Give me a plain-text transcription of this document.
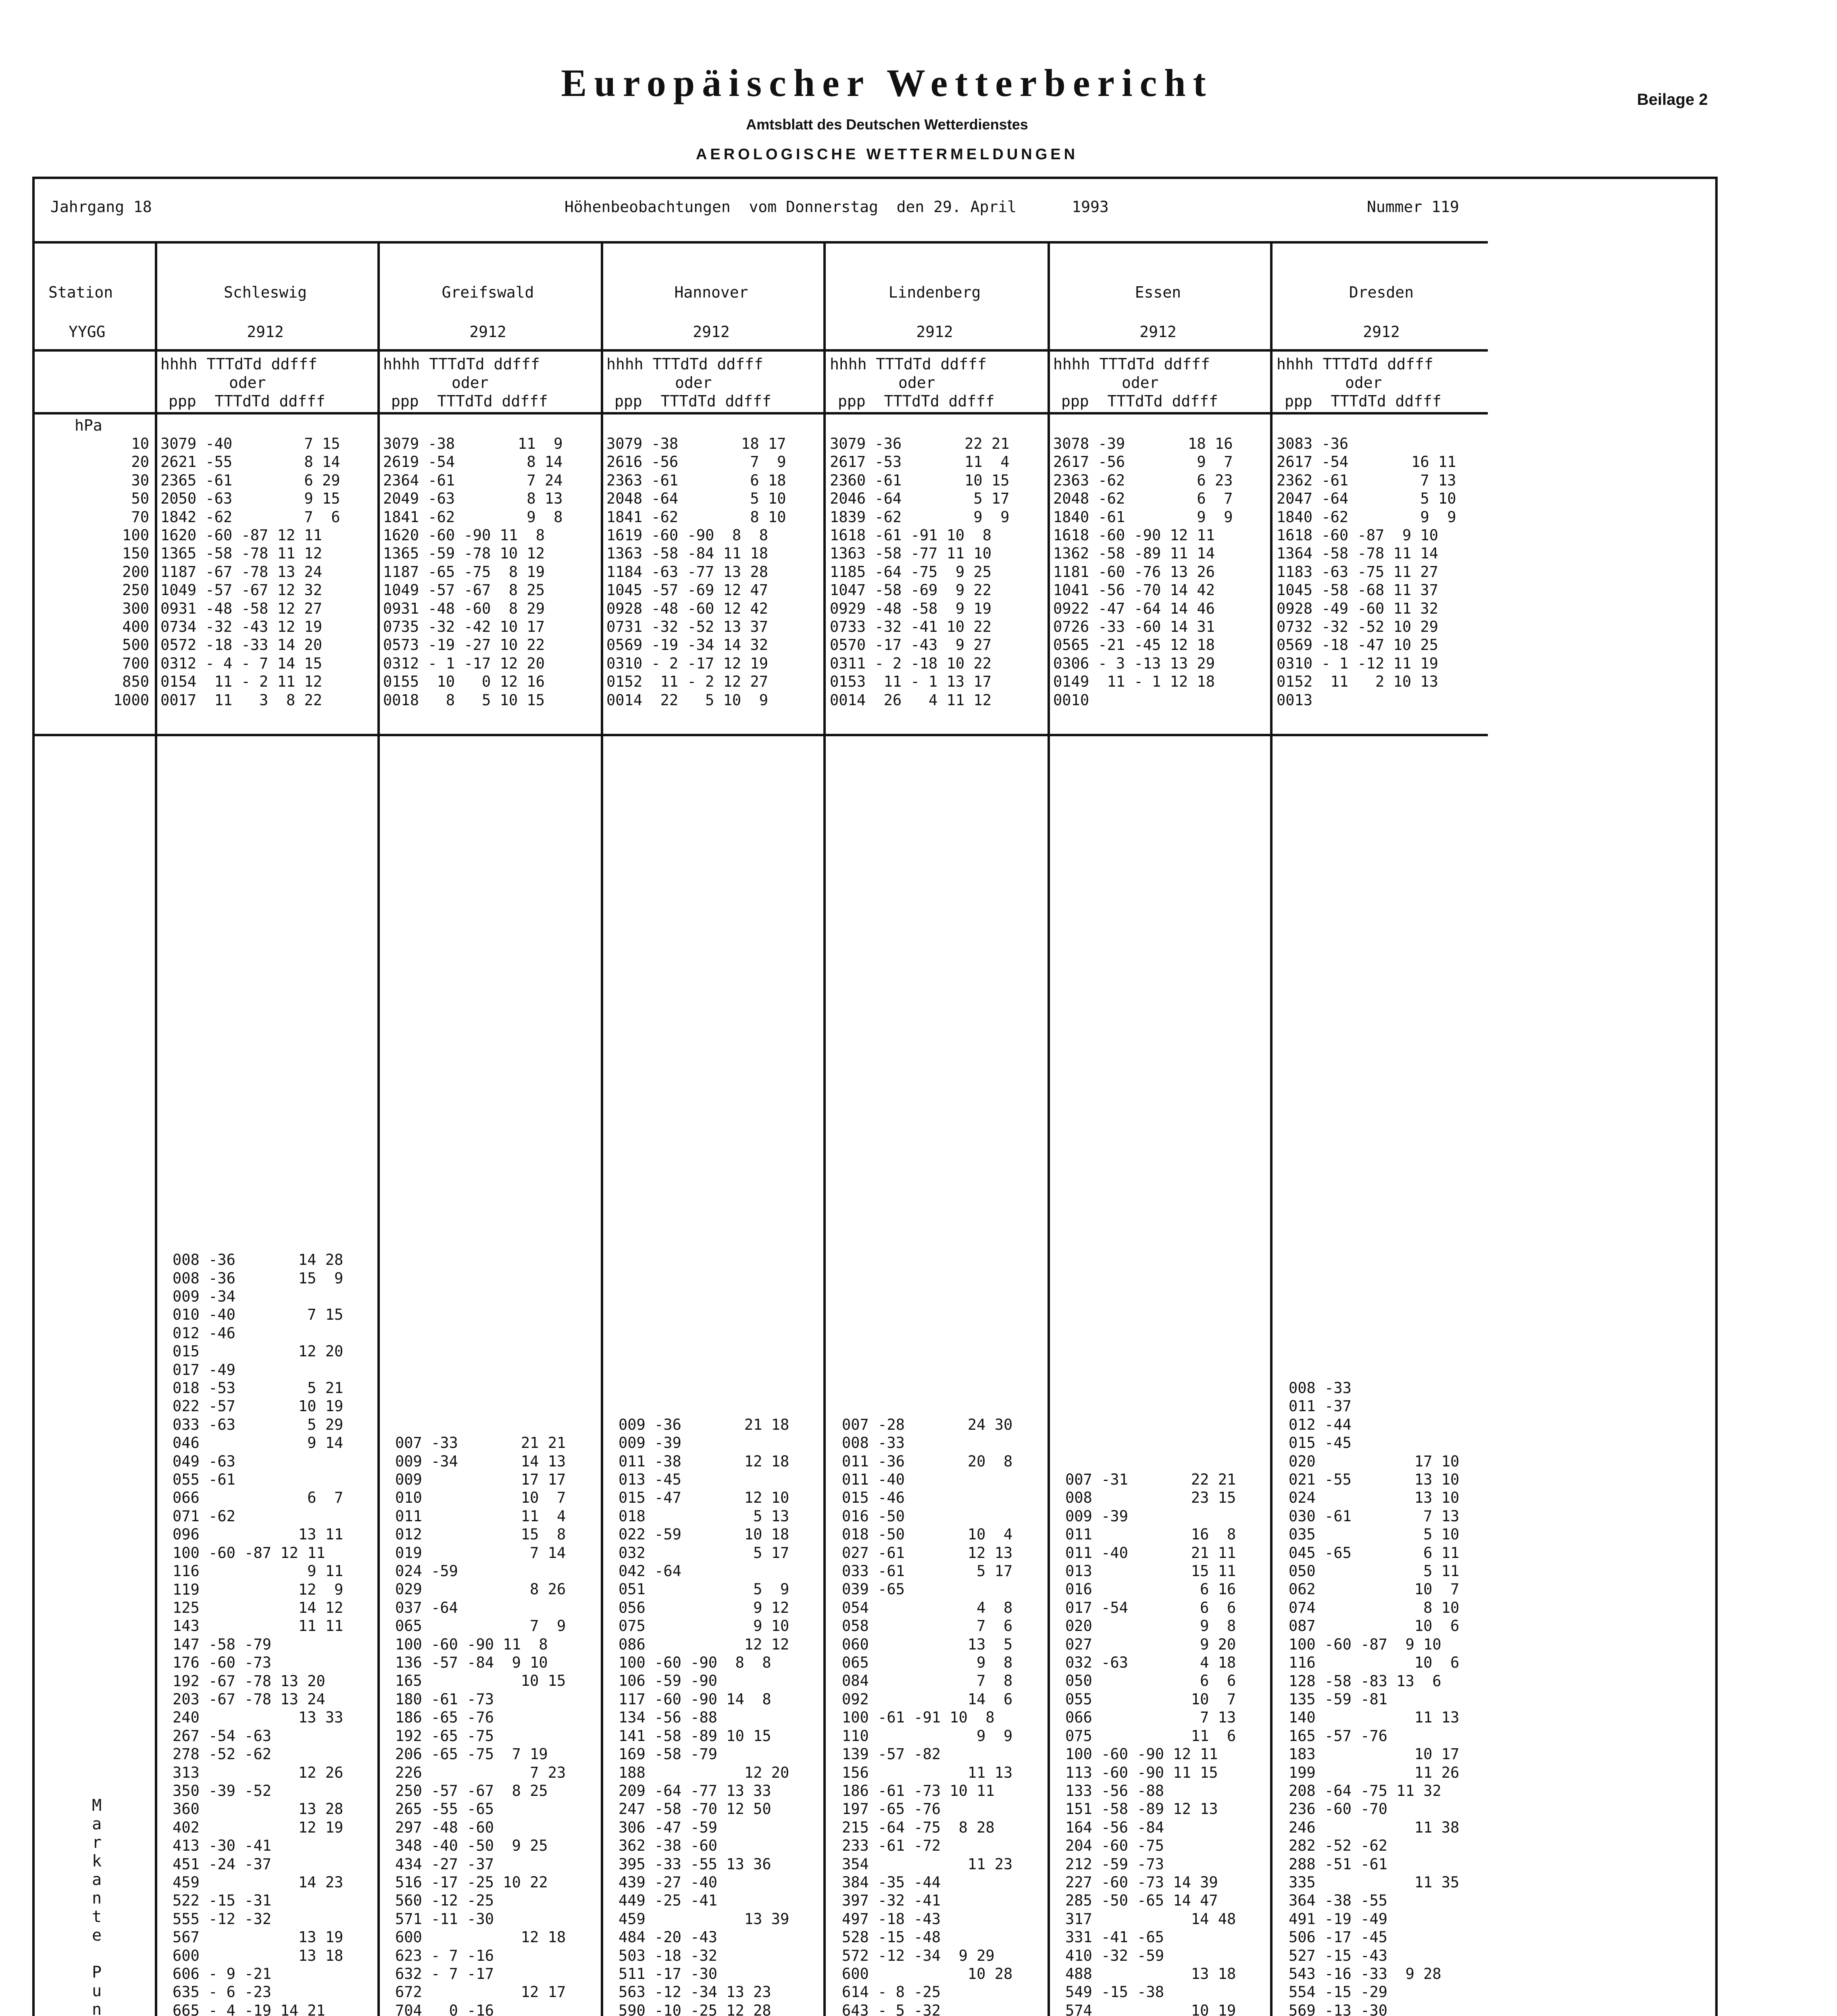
Europäischer Wetterbericht
Amtsblatt des Deutschen Wetterdienstes
AEROLOGISCHE WETTERMELDUNGEN
Beilage 2
Jahrgang 18	Höhenbeobachtungen  vom Donnerstag  den 29. April      1993	Nummer 119
Station
YYGG
hPa
Schleswig
2912
hhhh TTTdTd ddfff
oder
ppp  TTTdTd ddfff
Greifswald
2912
hhhh TTTdTd ddfff
oder
ppp  TTTdTd ddfff
Hannover
2912
hhhh TTTdTd ddfff
oder
ppp  TTTdTd ddfff
Lindenberg
2912
hhhh TTTdTd ddfff
oder
ppp  TTTdTd ddfff
Essen
2912
hhhh TTTdTd ddfff
oder
ppp  TTTdTd ddfff
Dresden
2912
hhhh TTTdTd ddfff
oder
ppp  TTTdTd ddfff
10
20
30
50
70
100
150
200
250
300
400
500
700
850
1000
3079 -40        7 15
2621 -55        8 14
2365 -61        6 29
2050 -63        9 15
1842 -62        7  6
1620 -60 -87 12 11
1365 -58 -78 11 12
1187 -67 -78 13 24
1049 -57 -67 12 32
0931 -48 -58 12 27
0734 -32 -43 12 19
0572 -18 -33 14 20
0312 - 4 - 7 14 15
0154  11 - 2 11 12
0017  11   3  8 22
008 -36       14 28
008 -36       15  9
009 -34
010 -40        7 15
012 -46
015           12 20
017 -49
018 -53        5 21
022 -57       10 19
033 -63        5 29
046            9 14
049 -63
055 -61
066            6  7
071 -62
096           13 11
100 -60 -87 12 11
116            9 11
119           12  9
125           14 12
143           11 11
147 -58 -79
176 -60 -73
192 -67 -78 13 20
203 -67 -78 13 24
240           13 33
267 -54 -63
278 -52 -62
313           12 26
350 -39 -52
360           13 28
402           12 19
413 -30 -41
451 -24 -37
459           14 23
522 -15 -31
555 -12 -32
567           13 19
600           13 18
606 - 9 -21
635 - 6 -23
665 - 4 -19 14 21

3079 -38       11  9
2619 -54        8 14
2364 -61        7 24
2049 -63        8 13
1841 -62        9  8
1620 -60 -90 11  8
1365 -59 -78 10 12
1187 -65 -75  8 19
1049 -57 -67  8 25
0931 -48 -60  8 29
0735 -32 -42 10 17
0573 -19 -27 10 22
0312 - 1 -17 12 20
0155  10   0 12 16
0018   8   5 10 15
007 -33       21 21
009 -34       14 13
009           17 17
010           10  7
011           11  4
012           15  8
019            7 14
024 -59
029            8 26
037 -64
065            7  9
100 -60 -90 11  8
136 -57 -84  9 10
165           10 15
180 -61 -73
186 -65 -76
192 -65 -75
206 -65 -75  7 19
226            7 23
250 -57 -67  8 25
265 -55 -65
297 -48 -60
348 -40 -50  9 25
434 -27 -37
516 -17 -25 10 22
560 -12 -25
571 -11 -30
600           12 18
623 - 7 -16
632 - 7 -17
672           12 17
704   0 -16

3079 -38       18 17
2616 -56        7  9
2363 -61        6 18
2048 -64        5 10
1841 -62        8 10
1619 -60 -90  8  8
1363 -58 -84 11 18
1184 -63 -77 13 28
1045 -57 -69 12 47
0928 -48 -60 12 42
0731 -32 -52 13 37
0569 -19 -34 14 32
0310 - 2 -17 12 19
0152  11 - 2 12 27
0014  22   5 10  9
009 -36       21 18
009 -39
011 -38       12 18
013 -45
015 -47       12 10
018            5 13
022 -59       10 18
032            5 17
042 -64
051            5  9
056            9 12
075            9 10
086           12 12
100 -60 -90  8  8
106 -59 -90
117 -60 -90 14  8
134 -56 -88
141 -58 -89 10 15
169 -58 -79
188           12 20
209 -64 -77 13 33
247 -58 -70 12 50
306 -47 -59
362 -38 -60
395 -33 -55 13 36
439 -27 -40
449 -25 -41
459           13 39
484 -20 -43
503 -18 -32
511 -17 -30
563 -12 -34 13 23
590 -10 -25 12 28

3079 -36       22 21
2617 -53       11  4
2360 -61       10 15
2046 -64        5 17
1839 -62        9  9
1618 -61 -91 10  8
1363 -58 -77 11 10
1185 -64 -75  9 25
1047 -58 -69  9 22
0929 -48 -58  9 19
0733 -32 -41 10 22
0570 -17 -43  9 27
0311 - 2 -18 10 22
0153  11 - 1 13 17
0014  26   4 11 12
007 -28       24 30
008 -33
011 -36       20  8
011 -40
015 -46
016 -50
018 -50       10  4
027 -61       12 13
033 -61        5 17
039 -65
054            4  8
058            7  6
060           13  5
065            9  8
084            7  8
092           14  6
100 -61 -91 10  8
110            9  9
139 -57 -82
156           11 13
186 -61 -73 10 11
197 -65 -76
215 -64 -75  8 28
233 -61 -72
354           11 23
384 -35 -44
397 -32 -41
497 -18 -43
528 -15 -48
572 -12 -34  9 29
600           10 28
614 - 8 -25
643 - 5 -32

3078 -39       18 16
2617 -56        9  7
2363 -62        6 23
2048 -62        6  7
1840 -61        9  9
1618 -60 -90 12 11
1362 -58 -89 11 14
1181 -60 -76 13 26
1041 -56 -70 14 42
0922 -47 -64 14 46
0726 -33 -60 14 31
0565 -21 -45 12 18
0306 - 3 -13 13 29
0149  11 - 1 12 18
0010
007 -31       22 21
008           23 15
009 -39
011           16  8
011 -40       21 11
013           15 11
016            6 16
017 -54        6  6
020            9  8
027            9 20
032 -63        4 18
050            6  6
055           10  7
066            7 13
075           11  6
100 -60 -90 12 11
113 -60 -90 11 15
133 -56 -88
151 -58 -89 12 13
164 -56 -84
204 -60 -75
212 -59 -73
227 -60 -73 14 39
285 -50 -65 14 47
317           14 48
331 -41 -65
410 -32 -59
488           13 18
549 -15 -38
574           10 19

3083 -36
2617 -54       16 11
2362 -61        7 13
2047 -64        5 10
1840 -62        9  9
1618 -60 -87  9 10
1364 -58 -78 11 14
1183 -63 -75 11 27
1045 -58 -68 11 37
0928 -49 -60 11 32
0732 -32 -52 10 29
0569 -18 -47 10 25
0310 - 1 -12 11 19
0152  11   2 10 13
0013
008 -33
011 -37
012 -44
015 -45
020           17 10
021 -55       13 10
024           13 10
030 -61        7 13
035            5 10
045 -65        6 11
050            5 11
062           10  7
074            8 10
087           10  6
100 -60 -87  9 10
116           10  6
128 -58 -83 13  6
135 -59 -81
140           11 13
165 -57 -76
183           10 17
199           11 26
208 -64 -75 11 32
236 -60 -70
246           11 38
282 -52 -62
288 -51 -61
335           11 35
364 -38 -55
491 -19 -49
506 -17 -45
527 -15 -43
543 -16 -33  9 28
554 -15 -29
569 -13 -30

M
a
r
k
a
n
t
e

P
u
n
